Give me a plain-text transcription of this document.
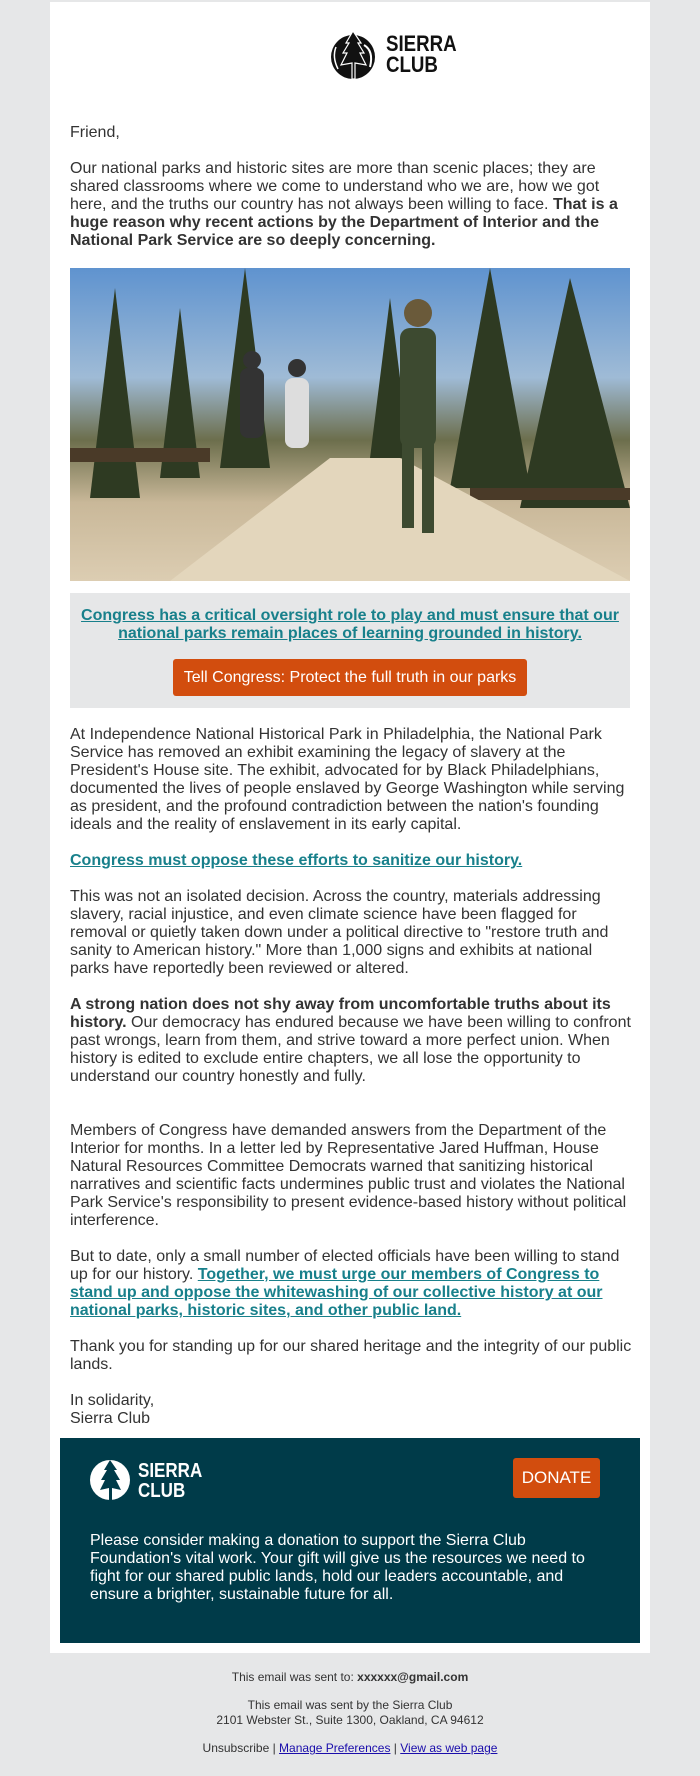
SIERRA
CLUB

Friend,

Our national parks and historic sites are more than scenic places; they are shared classrooms where we come to understand who we are, how we got here, and the truths our country has not always been willing to face. That is a huge reason why recent actions by the Department of Interior and the National Park Service are so deeply concerning.

Congress has a critical oversight role to play and must ensure that our national parks remain places of learning grounded in history.
Tell Congress: Protect the full truth in our parks

At Independence National Historical Park in Philadelphia, the National Park Service has removed an exhibit examining the legacy of slavery at the President's House site. The exhibit, advocated for by Black Philadelphians, documented the lives of people enslaved by George Washington while serving as president, and the profound contradiction between the nation's founding ideals and the reality of enslavement in its early capital.

Congress must oppose these efforts to sanitize our history.

This was not an isolated decision. Across the country, materials addressing slavery, racial injustice, and even climate science have been flagged for removal or quietly taken down under a political directive to "restore truth and sanity to American history." More than 1,000 signs and exhibits at national parks have reportedly been reviewed or altered.

A strong nation does not shy away from uncomfortable truths about its history. Our democracy has endured because we have been willing to confront past wrongs, learn from them, and strive toward a more perfect union. When history is edited to exclude entire chapters, we all lose the opportunity to understand our country honestly and fully.

Members of Congress have demanded answers from the Department of the Interior for months. In a letter led by Representative Jared Huffman, House Natural Resources Committee Democrats warned that sanitizing historical narratives and scientific facts undermines public trust and violates the National Park Service's responsibility to present evidence-based history without political interference.

But to date, only a small number of elected officials have been willing to stand up for our history. Together, we must urge our members of Congress to stand up and oppose the whitewashing of our collective history at our national parks, historic sites, and other public land.

Thank you for standing up for our shared heritage and the integrity of our public lands.

In solidarity,
Sierra Club

SIERRA
CLUB
DONATE
Please consider making a donation to support the Sierra Club Foundation's vital work. Your gift will give us the resources we need to fight for our shared public lands, hold our leaders accountable, and ensure a brighter, sustainable future for all.
This email was sent to: xxxxxx@gmail.com
This email was sent by the Sierra Club
2101 Webster St., Suite 1300, Oakland, CA 94612
Unsubscribe | Manage Preferences | View as web page
